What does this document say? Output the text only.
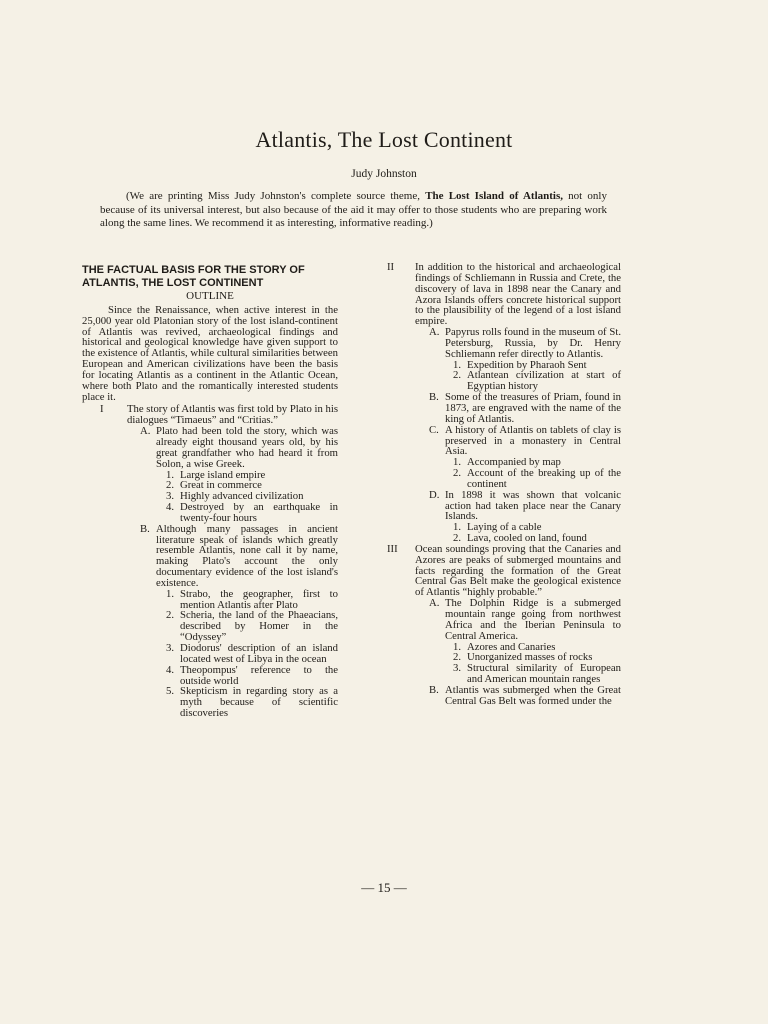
Atlantis, The Lost Continent
Judy Johnston
(We are printing Miss Judy Johnston's complete source theme, The Lost Island of Atlantis, not only because of its universal interest, but also because of the aid it may offer to those students who are preparing work along the same lines. We recommend it as interesting, informative reading.)
THE FACTUAL BASIS FOR THE STORY OF ATLANTIS, THE LOST CONTINENT
OUTLINE
Since the Renaissance, when active interest in the 25,000 year old Platonian story of the lost island-continent of Atlantis was revived, archaeological findings and historical and geological knowledge have given support to the existence of Atlantis, while cultural similarities between European and American civilizations have been the basis for locating Atlantis as a continent in the Atlantic Ocean, where both Plato and the romantically interested students place it.
I	The story of Atlantis was first told by Plato in his dialogues “Timaeus” and “Critias.”
A. Plato had been told the story, which was already eight thousand years old, by his great grandfather who had heard it from Solon, a wise Greek.
1. Large island empire
2. Great in commerce
3. Highly advanced civilization
4. Destroyed by an earthquake in twenty-four hours
B. Although many passages in ancient literature speak of islands which greatly resemble Atlantis, none call it by name, making Plato's account the only documentary evidence of the lost island's existence.
1. Strabo, the geographer, first to mention Atlantis after Plato
2. Scheria, the land of the Phaeacians, described by Homer in the “Odyssey”
3. Diodorus' description of an island located west of Libya in the ocean
4. Theopompus' reference to the outside world
5. Skepticism in regarding story as a myth because of scientific discoveries
II	In addition to the historical and archaeological findings of Schliemann in Russia and Crete, the discovery of lava in 1898 near the Canary and Azora Islands offers concrete historical support to the plausibility of the legend of a lost island empire.
A. Papyrus rolls found in the museum of St. Petersburg, Russia, by Dr. Henry Schliemann refer directly to Atlantis.
1. Expedition by Pharaoh Sent
2. Atlantean civilization at start of Egyptian history
B. Some of the treasures of Priam, found in 1873, are engraved with the name of the king of Atlantis.
C. A history of Atlantis on tablets of clay is preserved in a monastery in Central Asia.
1. Accompanied by map
2. Account of the breaking up of the continent
D. In 1898 it was shown that volcanic action had taken place near the Canary Islands.
1. Laying of a cable
2. Lava, cooled on land, found
III	Ocean soundings proving that the Canaries and Azores are peaks of submerged mountains and facts regarding the formation of the Great Central Gas Belt make the geological existence of Atlantis “highly probable.”
A. The Dolphin Ridge is a submerged mountain range going from northwest Africa and the Iberian Peninsula to Central America.
1. Azores and Canaries
2. Unorganized masses of rocks
3. Structural similarity of European and American mountain ranges
B. Atlantis was submerged when the Great Central Gas Belt was formed under the
— 15 —
